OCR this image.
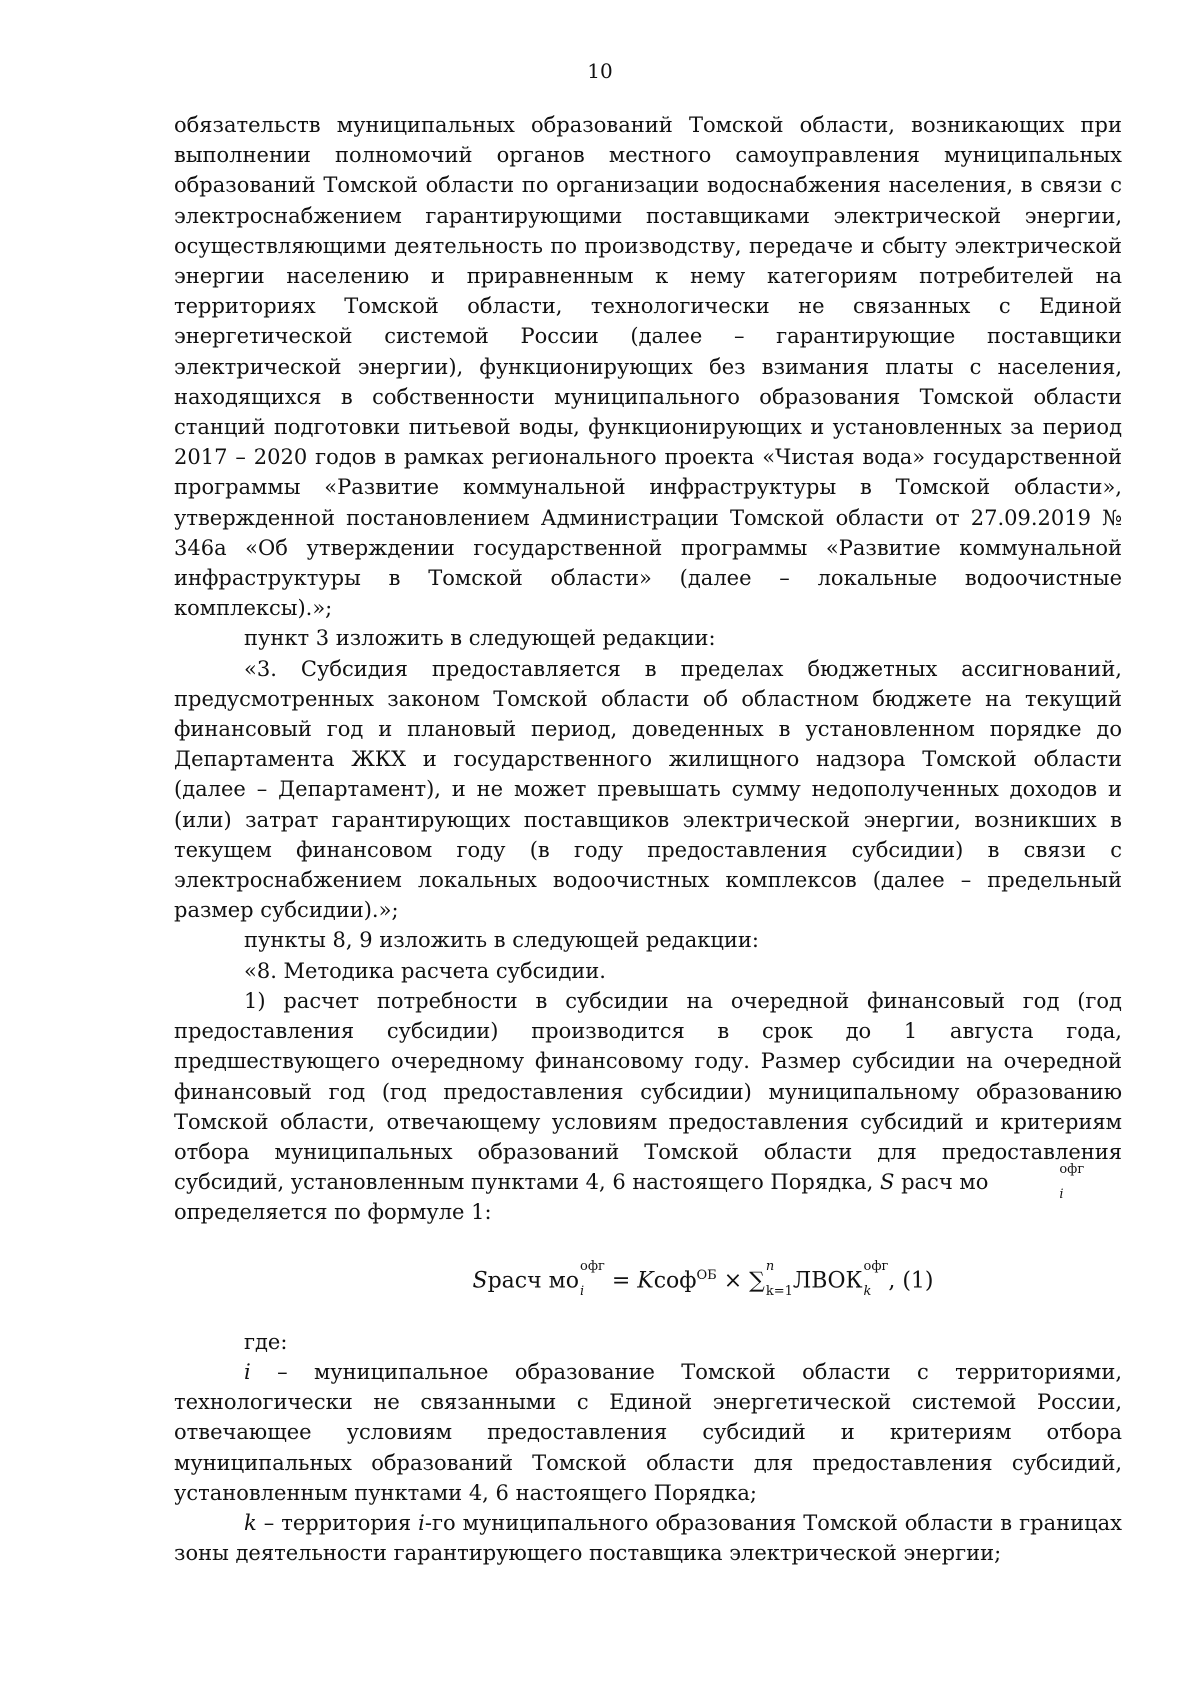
10

обязательств муниципальных образований Томской области, возникающих при выполнении полномочий органов местного самоуправления муниципальных образований Томской области по организации водоснабжения населения, в связи с электроснабжением гарантирующими поставщиками электрической энергии, осуществляющими деятельность по производству, передаче и сбыту электрической энергии населению и приравненным к нему категориям потребителей на территориях Томской области, технологически не связанных с Единой энергетической системой России (далее – гарантирующие поставщики электрической энергии), функционирующих без взимания платы с населения, находящихся в собственности муниципального образования Томской области станций подготовки питьевой воды, функционирующих и установленных за период 2017 – 2020 годов в рамках регионального проекта «Чистая вода» государственной программы «Развитие коммунальной инфраструктуры в Томской области», утвержденной постановлением Администрации Томской области от 27.09.2019 № 346а «Об утверждении государственной программы «Развитие коммунальной инфраструктуры в Томской области» (далее – локальные водоочистные комплексы).»;

пункт 3 изложить в следующей редакции:

«3. Субсидия предоставляется в пределах бюджетных ассигнований, предусмотренных законом Томской области об областном бюджете на текущий финансовый год и плановый период, доведенных в установленном порядке до Департамента ЖКХ и государственного жилищного надзора Томской области (далее – Департамент), и не может превышать сумму недополученных доходов и (или) затрат гарантирующих поставщиков электрической энергии, возникших в текущем финансовом году (в году предоставления субсидии) в связи с электроснабжением локальных водоочистных комплексов (далее – предельный размер субсидии).»;

пункты 8, 9 изложить в следующей редакции:

«8. Методика расчета субсидии.

1) расчет потребности в субсидии на очередной финансовый год (год предоставления субсидии) производится в срок до 1 августа года, предшествующего очередному финансовому году. Размер субсидии на очередной финансовый год (год предоставления субсидии) муниципальному образованию Томской области, отвечающему условиям предоставления субсидий и критериям отбора муниципальных образований Томской области для предоставления субсидий, установленным пунктами 4, 6 настоящего Порядка, S расч мо
офг
i

определяется по формуле 1:

Sрасч мо
офг
i	= Kсоф$^{ОБ}$ × ∑
n
k=1 ЛВОК
офг
k , (1)

где:

i – муниципальное образование Томской области с территориями, технологически не связанными с Единой энергетической системой России, отвечающее условиям предоставления субсидий и критериям отбора муниципальных образований Томской области для предоставления субсидий, установленным пунктами 4, 6 настоящего Порядка;

k – территория i-го муниципального образования Томской области в границах зоны деятельности гарантирующего поставщика электрической энергии;
